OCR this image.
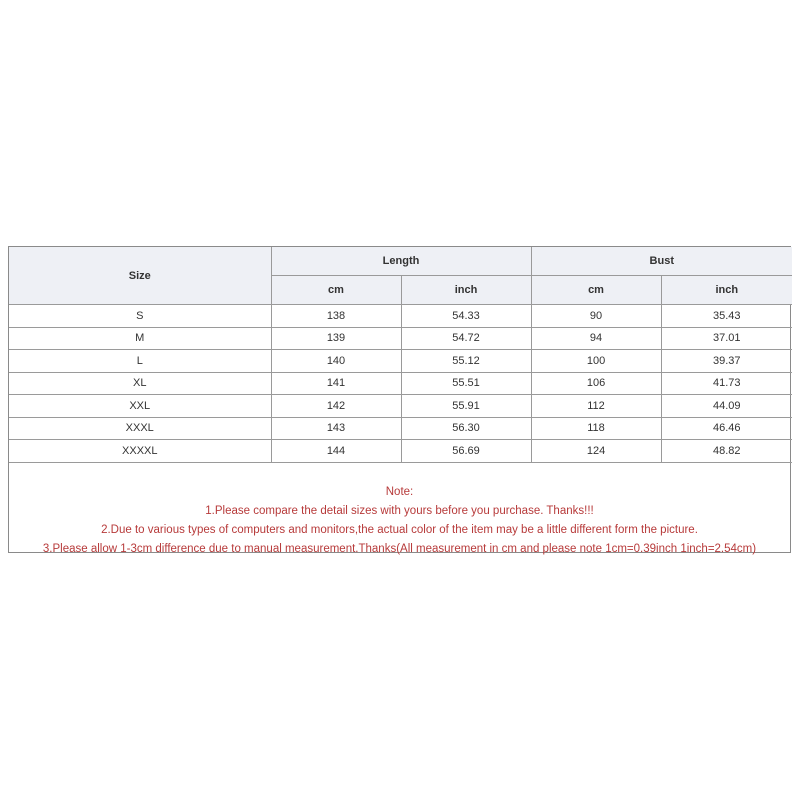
Size	Length		Bust	
	cm	inch	cm	inch
S	138	54.33	90	35.43
M	139	54.72	94	37.01
L	140	55.12	100	39.37
XL	141	55.51	106	41.73
XXL	142	55.91	112	44.09
XXXL	143	56.30	118	46.46
XXXXL	144	56.69	124	48.82
Note:
1.Please compare the detail sizes with yours before you purchase. Thanks!!!
2.Due to various types of computers and monitors,the actual color of the item may be a little different form the picture.
3.Please allow 1-3cm difference due to manual measurement.Thanks(All measurement in cm and please note 1cm=0.39inch 1inch=2.54cm)
